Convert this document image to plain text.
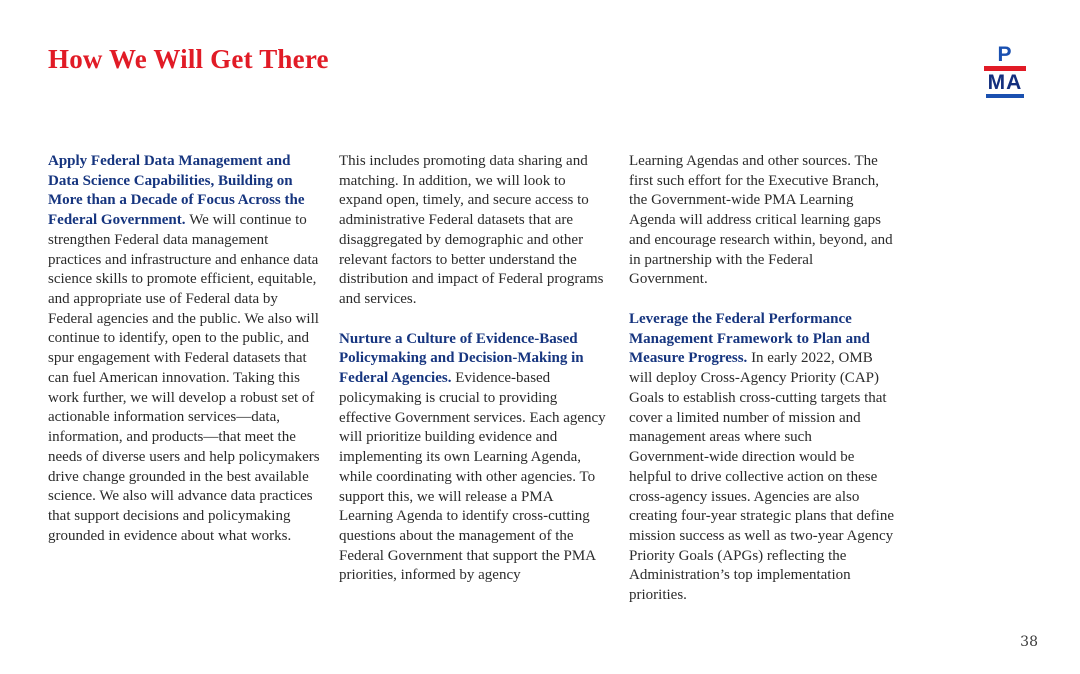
How We Will Get There	P
MA

Apply Federal Data Management and Data Science Capabilities, Building on More than a Decade of Focus Across the Federal Government. We will continue to strengthen Federal data management practices and infrastructure and enhance data science skills to promote efficient, equitable, and appropriate use of Federal data by Federal agencies and the public. We also will continue to identify, open to the public, and spur engagement with Federal datasets that can fuel American innovation. Taking this work further, we will develop a robust set of actionable information services—data, information, and products—that meet the needs of diverse users and help policymakers drive change grounded in the best available science. We also will advance data practices that support decisions and policymaking grounded in evidence about what works.

This includes promoting data sharing and matching. In addition, we will look to expand open, timely, and secure access to administrative Federal datasets that are disaggregated by demographic and other relevant factors to better understand the distribution and impact of Federal programs and services.

Nurture a Culture of Evidence-Based Policymaking and Decision-Making in Federal Agencies. Evidence-based policymaking is crucial to providing effective Government services. Each agency will prioritize building evidence and implementing its own Learning Agenda, while coordinating with other agencies. To support this, we will release a PMA Learning Agenda to identify cross-cutting questions about the management of the Federal Government that support the PMA priorities, informed by agency

Learning Agendas and other sources. The first such effort for the Executive Branch, the Government-wide PMA Learning Agenda will address critical learning gaps and encourage research within, beyond, and in partnership with the Federal Government.

Leverage the Federal Performance Management Framework to Plan and Measure Progress. In early 2022, OMB will deploy Cross-Agency Priority (CAP) Goals to establish cross-cutting targets that cover a limited number of mission and management areas where such Government-wide direction would be helpful to drive collective action on these cross-agency issues. Agencies are also creating four-year strategic plans that define mission success as well as two-year Agency Priority Goals (APGs) reflecting the Administration’s top implementation priorities.

38
